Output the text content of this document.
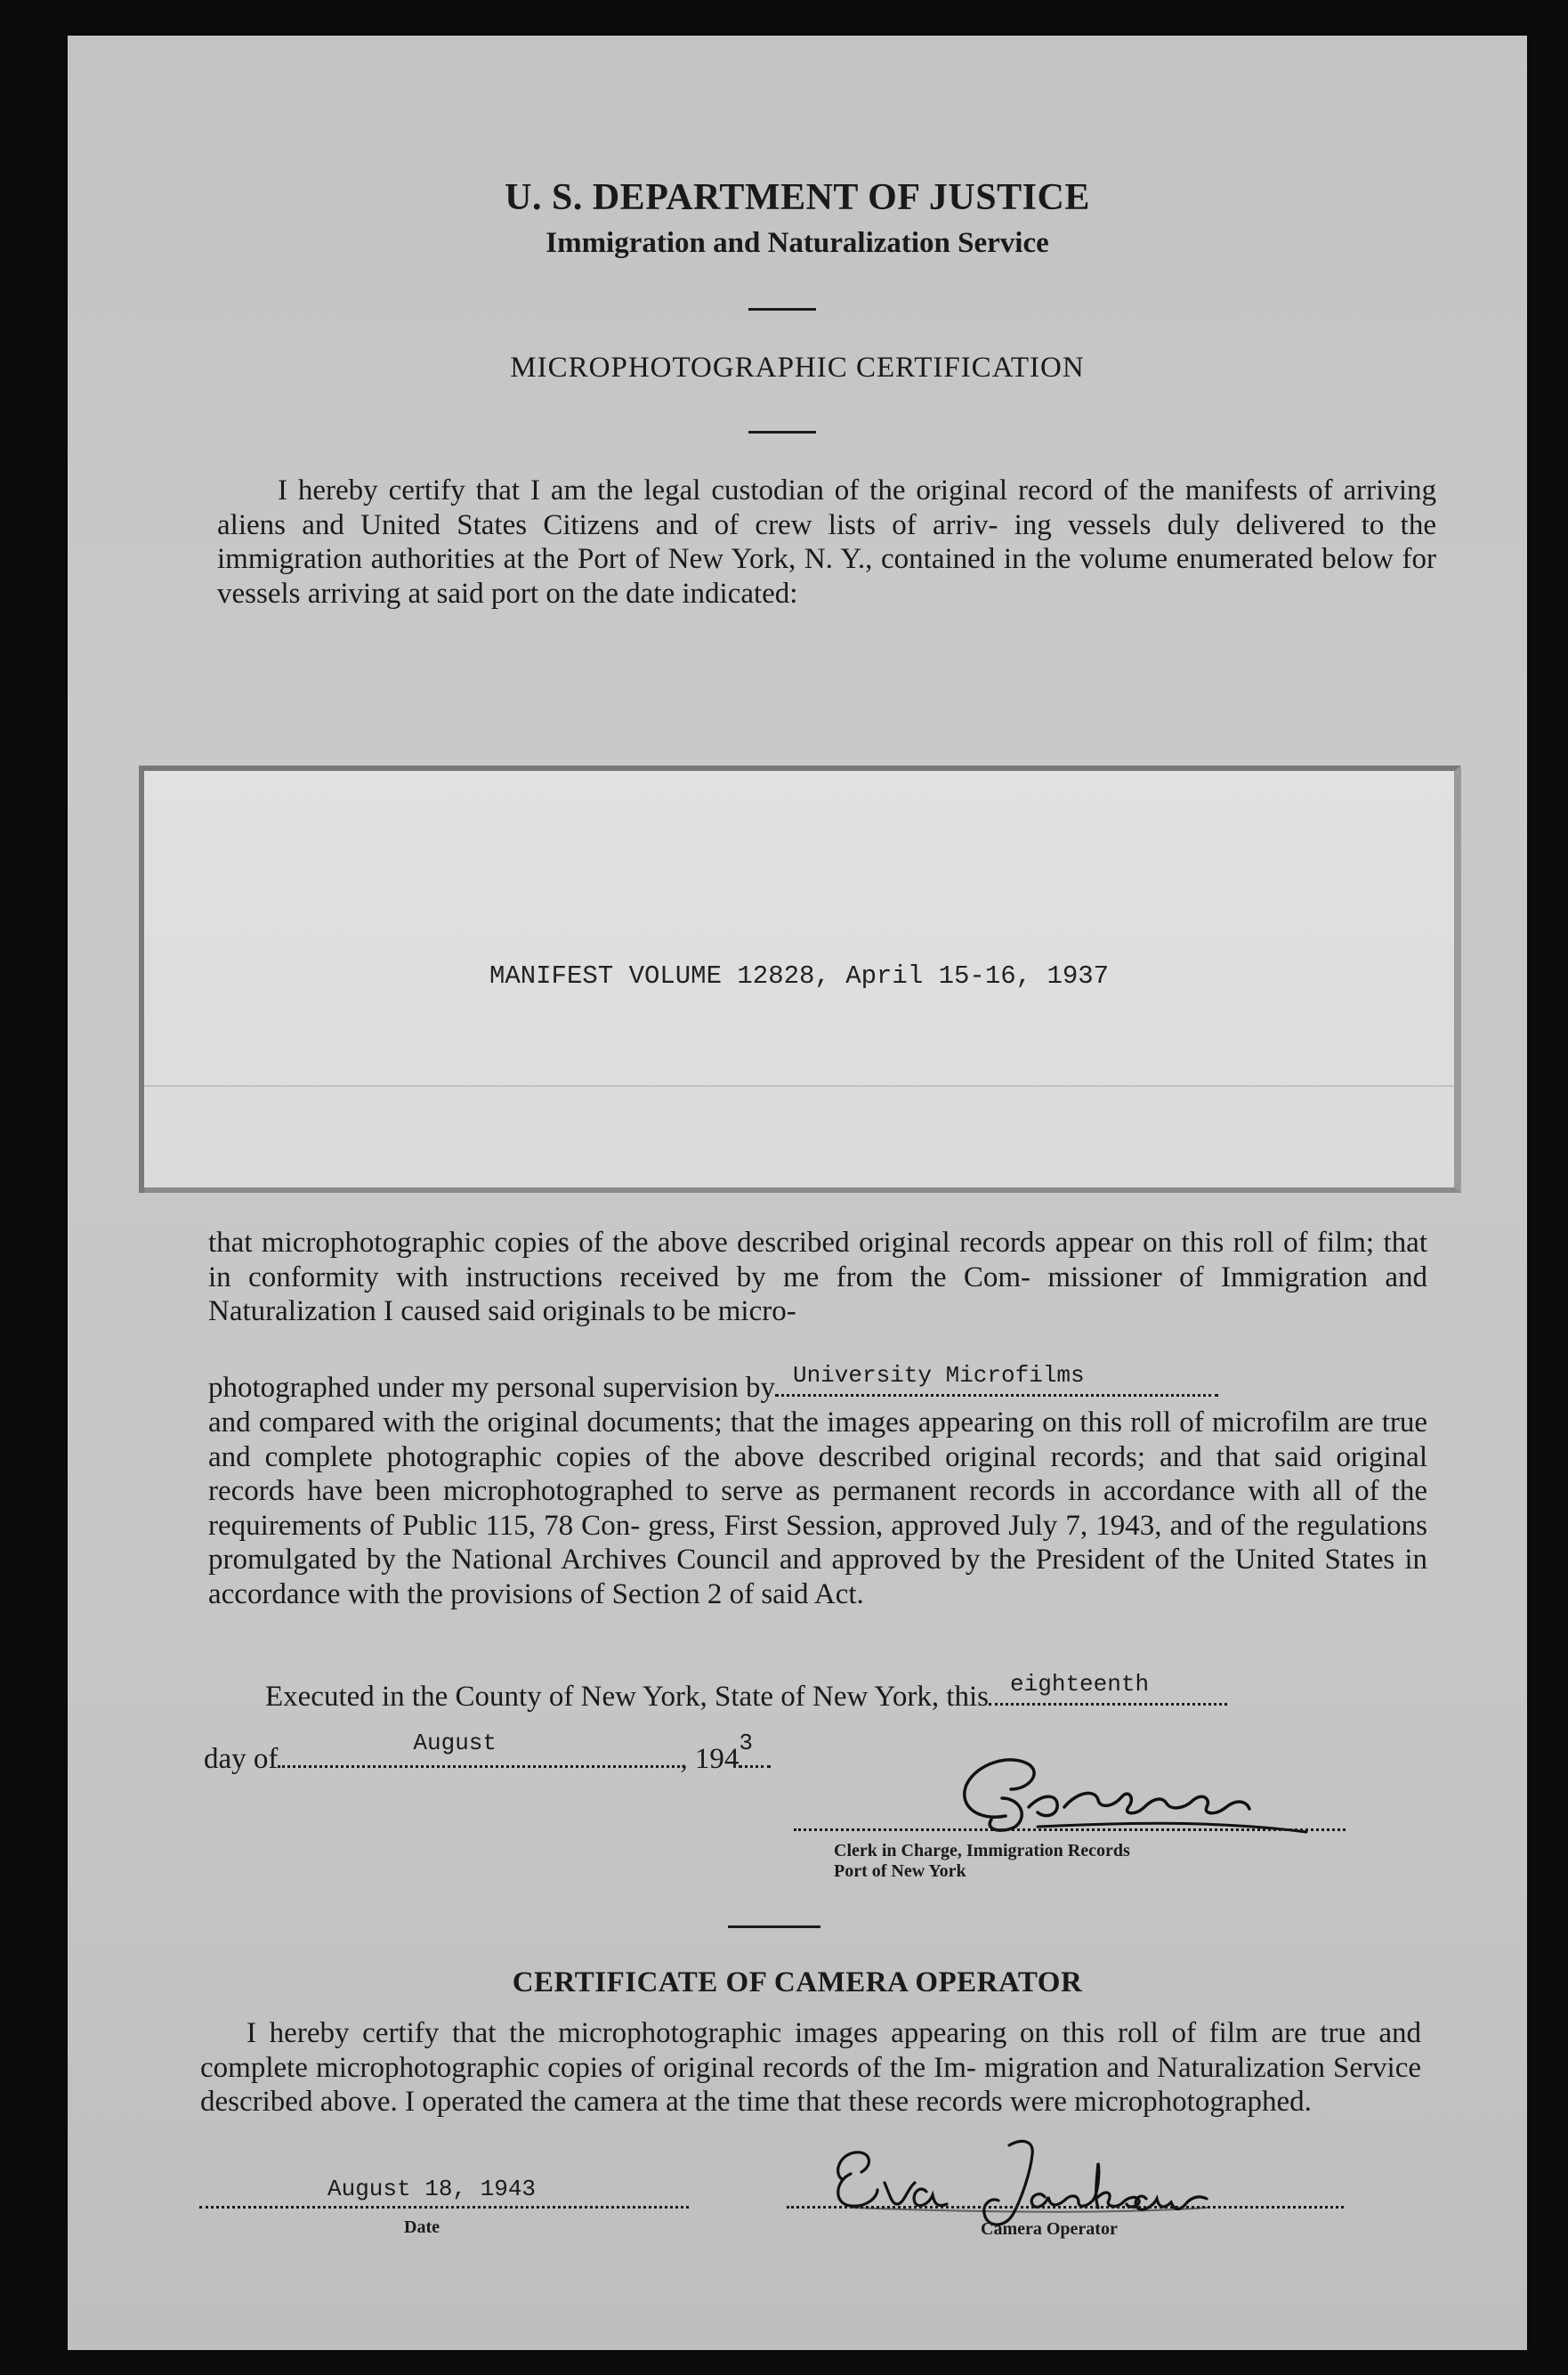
U. S. DEPARTMENT OF JUSTICE
Immigration and Naturalization Service
MICROPHOTOGRAPHIC CERTIFICATION
I hereby certify that I am the legal custodian of the original record of the manifests of arriving aliens and United States Citizens and of crew lists of arriv- ing vessels duly delivered to the immigration authorities at the Port of New York, N. Y., contained in the volume enumerated below for vessels arriving at said port on the date indicated:
MANIFEST VOLUME 12828, April 15-16, 1937
that microphotographic copies of the above described original records appear on this roll of film; that in conformity with instructions received by me from the Com- missioner of Immigration and Naturalization I caused said originals to be micro-
photographed under my personal supervision by University Microfilms
and compared with the original documents; that the images appearing on this roll of microfilm are true and complete photographic copies of the above described original records; and that said original records have been microphotographed to serve as permanent records in accordance with all of the requirements of Public 115, 78 Con- gress, First Session, approved July 7, 1943, and of the regulations promulgated by the National Archives Council and approved by the President of the United States in accordance with the provisions of Section 2 of said Act.
Executed in the County of New York, State of New York, this eighteenth
day of	August	, 194 3
Clerk in Charge, Immigration Records
Port of New York
CERTIFICATE OF CAMERA OPERATOR
I hereby certify that the microphotographic images appearing on this roll of film are true and complete microphotographic copies of original records of the Im- migration and Naturalization Service described above. I operated the camera at the time that these records were microphotographed.
August 18, 1943
Date	Camera Operator
